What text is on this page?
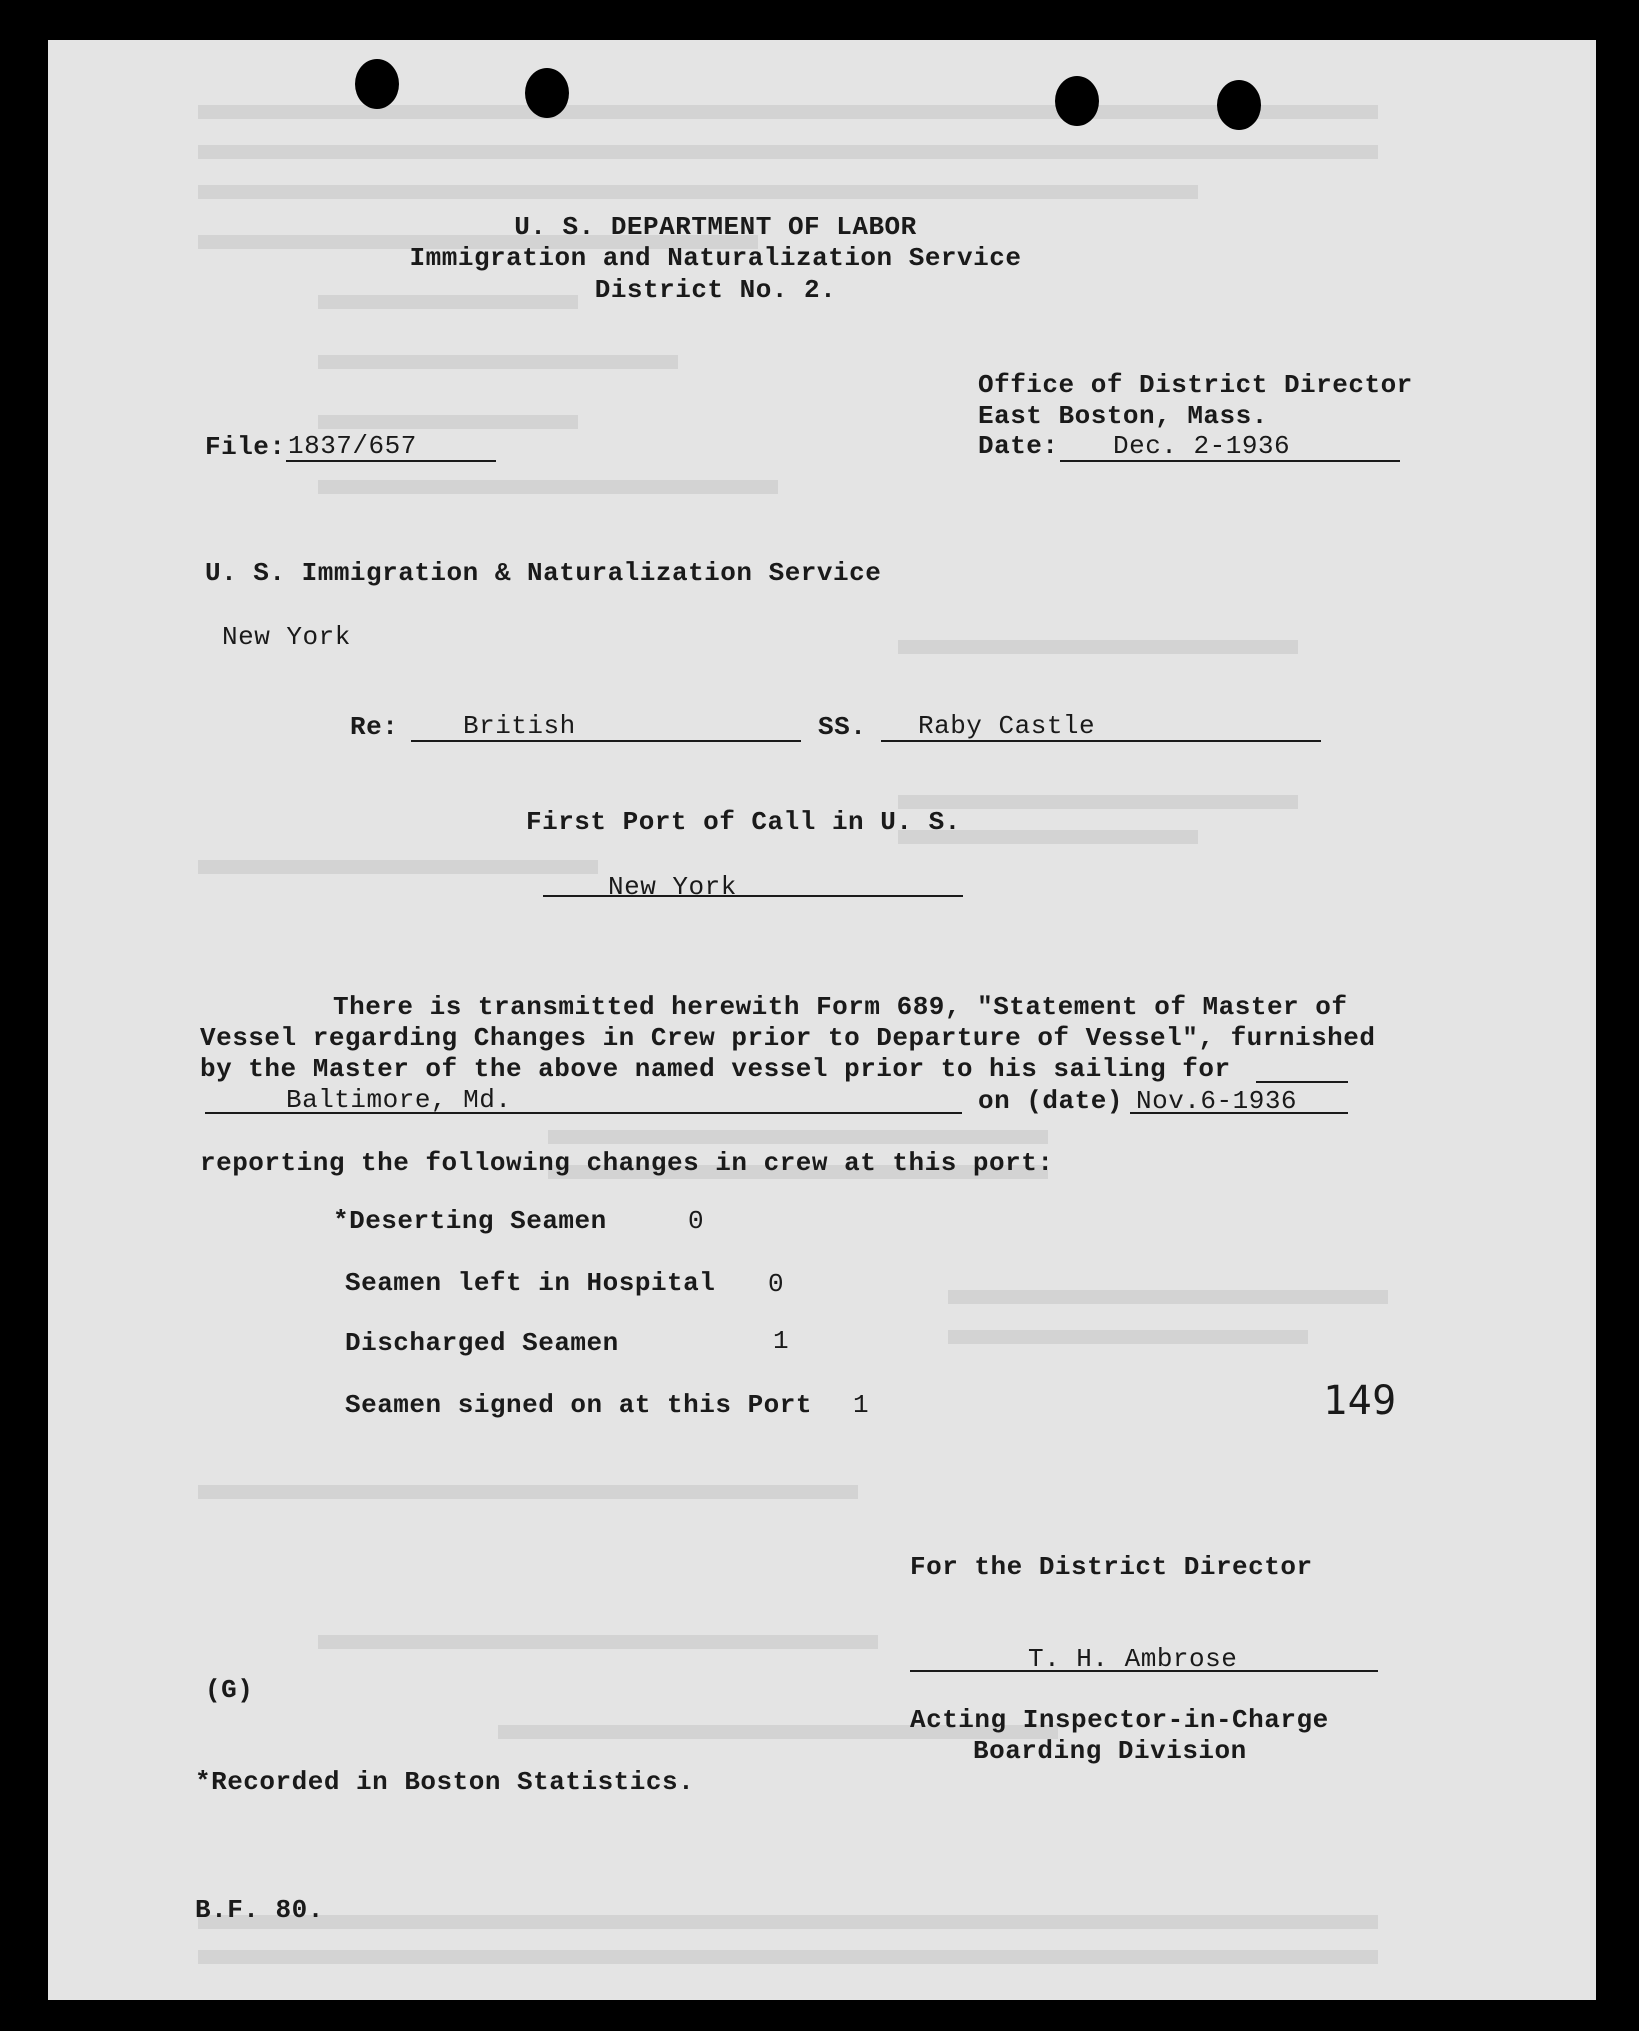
U. S. DEPARTMENT OF LABOR
Immigration and Naturalization Service
District No. 2.
Office of District Director
East Boston, Mass.
Date: Dec. 2-1936
File: 1837/657
U. S. Immigration & Naturalization Service
New York
Re: British	SS. Raby Castle
First Port of Call in U. S.
New York
There is transmitted herewith Form 689, "Statement of Master of
Vessel regarding Changes in Crew prior to Departure of Vessel", furnished
by the Master of the above named vessel prior to his sailing for
Baltimore, Md.	on (date) Nov.6-1936
reporting the following changes in crew at this port:
*Deserting Seamen	0
Seamen left in Hospital 0
Discharged Seamen	1
Seamen signed on at this Port 1	149
For the District Director
T. H. Ambrose
Acting Inspector-in-Charge
Boarding Division
(G)
*Recorded in Boston Statistics.
B.F. 80.
